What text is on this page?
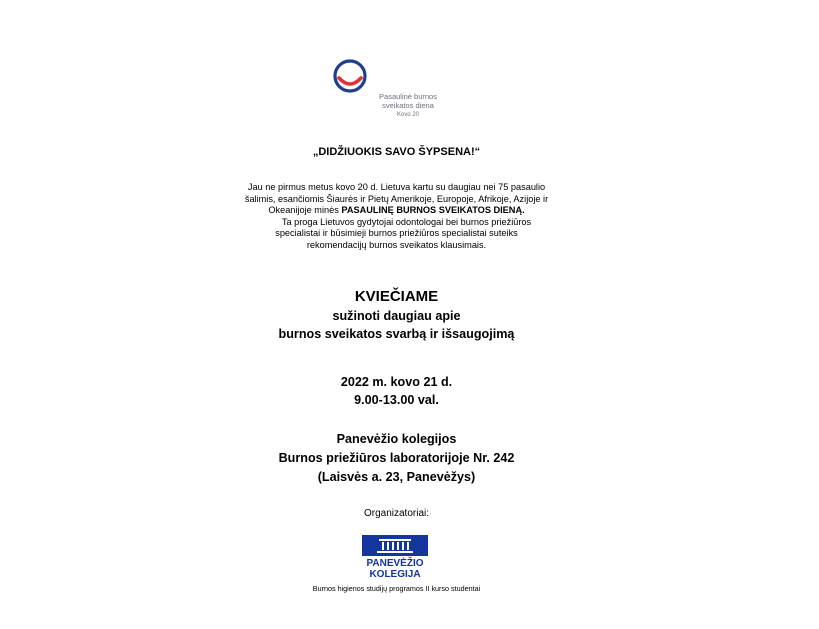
Pasaulinė burnos
sveikatos diena
Kovo 20
„DIDŽIUOKIS SAVO ŠYPSENA!“

Jau ne pirmus metus kovo 20 d. Lietuva kartu su daugiau nei 75 pasaulio

šalimis, esančiomis Šiaurės ir Pietų Amerikoje, Europoje, Afrikoje, Azijoje ir

Okeanijoje minės PASAULINĘ BURNOS SVEIKATOS DIENĄ.

Ta proga Lietuvos gydytojai odontologai bei burnos priežiūros

specialistai ir būsimieji burnos priežiūros specialistai suteiks

rekomendacijų burnos sveikatos klausimais.

KVIEČIAME
sužinoti daugiau apie
burnos sveikatos svarbą ir išsaugojimą
2022 m. kovo 21 d.
9.00-13.00 val.
Panevėžio kolegijos
Burnos priežiūros laboratorijoje Nr. 242
(Laisvės a. 23, Panevėžys)
Organizatoriai:
PANEVĖŽIO
KOLEGIJA
Burnos higienos studijų programos II kurso studentai
